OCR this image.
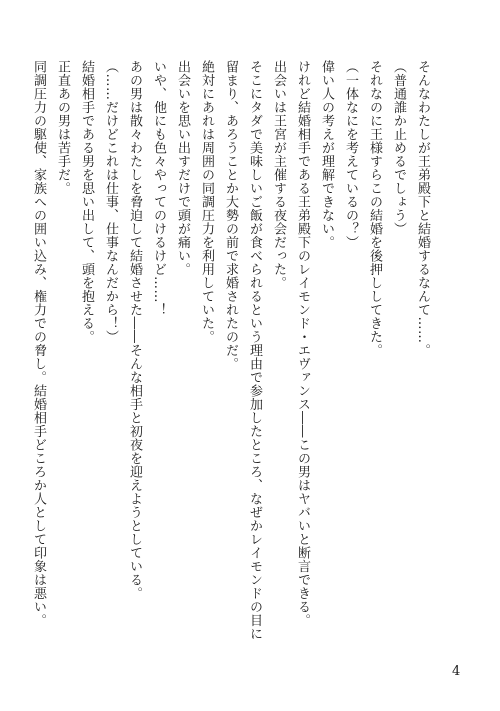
そんなわたしが王弟殿下と結婚するなんて……。
（普通誰か止めるでしょう）
それなのに王様すらこの結婚を後押ししてきた。
（一体なにを考えているの？）
偉い人の考えが理解できない。
けれど結婚相手である王弟殿下のレイモンド・エヴァンス――この男はヤバいと断言できる。
出会いは王宮が主催する夜会だった。
そこにタダで美味しいご飯が食べられるという理由で参加したところ、なぜかレイモンドの目に
留まり、あろうことか大勢の前で求婚されたのだ。
絶対にあれは周囲の同調圧力を利用していた。
出会いを思い出すだけで頭が痛い。
いや、他にも色々やってのけるけど……！
あの男は散々わたしを脅迫して結婚させた――そんな相手と初夜を迎えようとしている。
（……だけどこれは仕事、仕事なんだから！）
結婚相手である男を思い出して、頭を抱える。
正直あの男は苦手だ。
同調圧力の駆使、家族への囲い込み、権力での脅し。結婚相手どころか人として印象は悪い。
4
